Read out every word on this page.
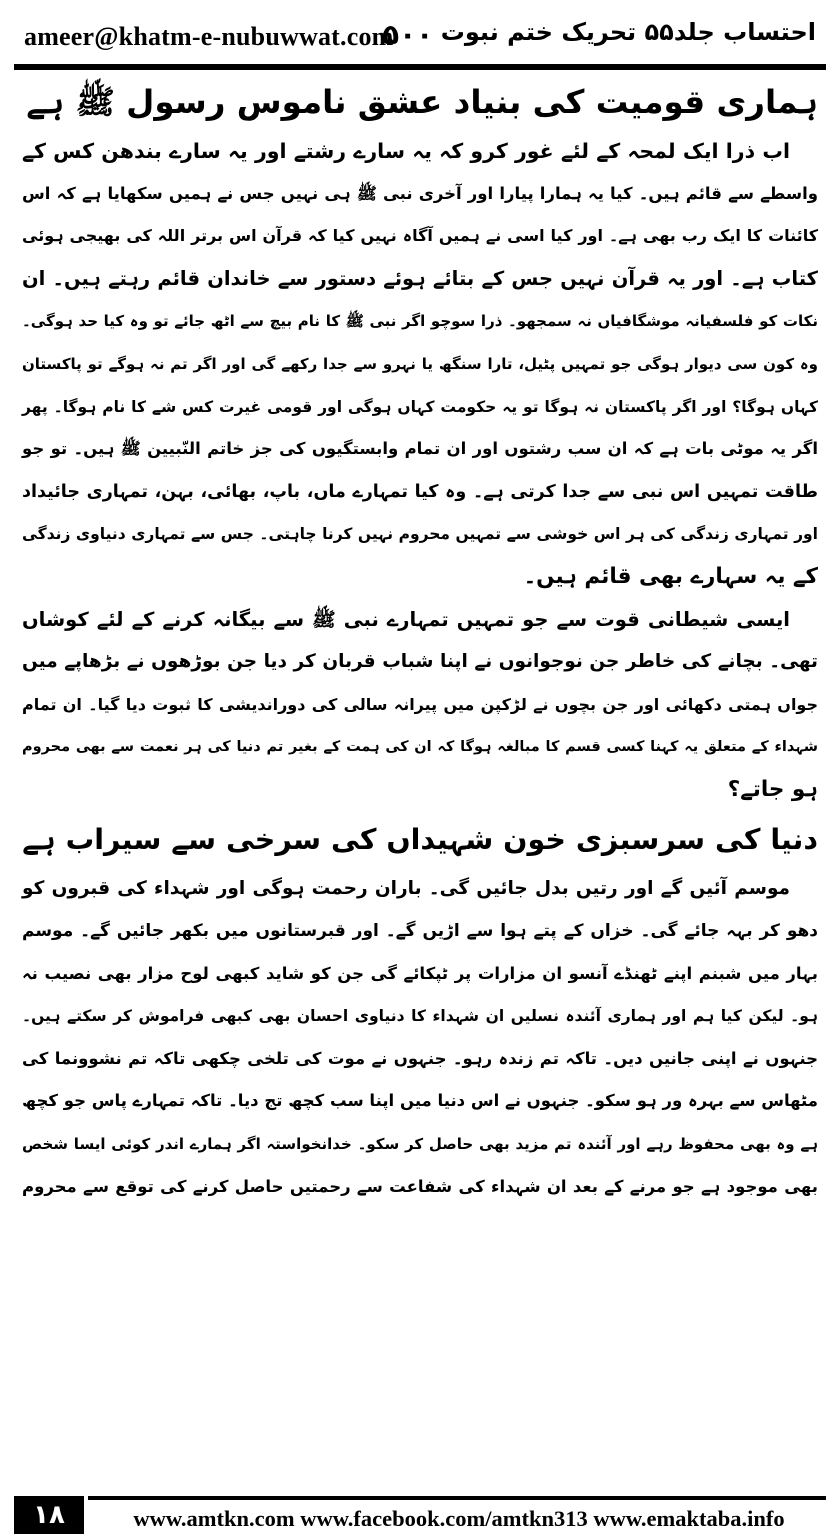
ameer@khatm-e-nubuwwat.com
۵۰۰ احتساب جلد۵۵ تحریک ختم نبوت
ہماری قومیت کی بنیاد عشق ناموس رسول ﷺ ہے

اب ذرا ایک لمحہ کے لئے غور کرو کہ یہ سارے رشتے اور یہ سارے بندھن کس کے
واسطے سے قائم ہیں۔ کیا یہ ہمارا پیارا اور آخری نبی ﷺ ہی نہیں جس نے ہمیں سکھایا ہے کہ اس
کائنات کا ایک رب بھی ہے۔ اور کیا اسی نے ہمیں آگاہ نہیں کیا کہ قرآن اس برتر اللہ کی بھیجی ہوئی
کتاب ہے۔ اور یہ قرآن نہیں جس کے بتائے ہوئے دستور سے خاندان قائم رہتے ہیں۔ ان
نکات کو فلسفیانہ موشگافیاں نہ سمجھو۔ ذرا سوچو اگر نبی ﷺ کا نام بیچ سے اٹھ جائے تو وہ کیا حد ہوگی۔
وہ کون سی دیوار ہوگی جو تمہیں پٹیل، تارا سنگھ یا نہرو سے جدا رکھے گی اور اگر تم نہ ہوگے تو پاکستان
کہاں ہوگا؟ اور اگر پاکستان نہ ہوگا تو یہ حکومت کہاں ہوگی اور قومی غیرت کس شے کا نام ہوگا۔ پھر
اگر یہ موٹی بات ہے کہ ان سب رشتوں اور ان تمام وابستگیوں کی جز خاتم النّبیین ﷺ ہیں۔ تو جو
طاقت تمہیں اس نبی سے جدا کرتی ہے۔ وہ کیا تمہارے ماں، باپ، بھائی، بہن، تمہاری جائیداد
اور تمہاری زندگی کی ہر اس خوشی سے تمہیں محروم نہیں کرنا چاہتی۔ جس سے تمہاری دنیاوی زندگی
کے یہ سہارے بھی قائم ہیں۔

ایسی شیطانی قوت سے جو تمہیں تمہارے نبی ﷺ سے بیگانہ کرنے کے لئے کوشاں
تھی۔ بچانے کی خاطر جن نوجوانوں نے اپنا شباب قربان کر دیا جن بوڑھوں نے بڑھاپے میں
جواں ہمتی دکھائی اور جن بچوں نے لڑکپن میں پیرانہ سالی کی دوراندیشی کا ثبوت دیا گیا۔ ان تمام
شہداء کے متعلق یہ کہنا کسی قسم کا مبالغہ ہوگا کہ ان کی ہمت کے بغیر تم دنیا کی ہر نعمت سے بھی محروم
ہو جاتے؟

دنیا کی سرسبزی خون شہیداں کی سرخی سے سیراب ہے

موسم آئیں گے اور رتیں بدل جائیں گی۔ باران رحمت ہوگی اور شہداء کی قبروں کو
دھو کر بہہ جائے گی۔ خزاں کے پتے ہوا سے اڑیں گے۔ اور قبرستانوں میں بکھر جائیں گے۔ موسم
بہار میں شبنم اپنے ٹھنڈے آنسو ان مزارات پر ٹپکائے گی جن کو شاید کبھی لوح مزار بھی نصیب نہ
ہو۔ لیکن کیا ہم اور ہماری آئندہ نسلیں ان شہداء کا دنیاوی احسان بھی کبھی فراموش کر سکتے ہیں۔
جنہوں نے اپنی جانیں دیں۔ تاکہ تم زندہ رہو۔ جنہوں نے موت کی تلخی چکھی تاکہ تم نشوونما کی
مٹھاس سے بہرہ ور ہو سکو۔ جنہوں نے اس دنیا میں اپنا سب کچھ تج دیا۔ تاکہ تمہارے پاس جو کچھ
ہے وہ بھی محفوظ رہے اور آئندہ تم مزید بھی حاصل کر سکو۔ خدانخواستہ اگر ہمارے اندر کوئی ایسا شخص
بھی موجود ہے جو مرنے کے بعد ان شہداء کی شفاعت سے رحمتیں حاصل کرنے کی توقع سے محروم

۱۸	www.amtkn.com www.facebook.com/amtkn313 www.emaktaba.info
